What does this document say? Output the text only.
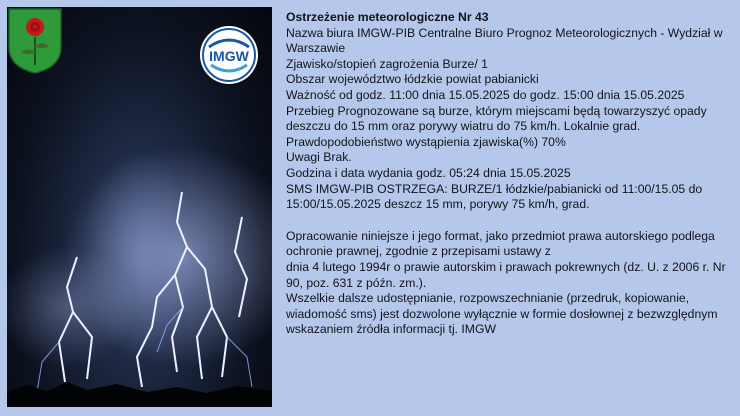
IMGW

Ostrzeżenie meteorologiczne Nr 43

Nazwa biura IMGW-PIB Centralne Biuro Prognoz Meteorologicznych - Wydział w Warszawie

Zjawisko/stopień zagrożenia Burze/ 1

Obszar województwo łódzkie powiat pabianicki

Ważność od godz. 11:00 dnia 15.05.2025 do godz. 15:00 dnia 15.05.2025

Przebieg Prognozowane są burze, którym miejscami będą towarzyszyć opady deszczu do 15 mm oraz porywy wiatru do 75 km/h. Lokalnie grad.

Prawdopodobieństwo wystąpienia zjawiska(%) 70%

Uwagi Brak.

Godzina i data wydania godz. 05:24 dnia 15.05.2025

SMS IMGW-PIB OSTRZEGA: BURZE/1 łódzkie/pabianicki od 11:00/15.05 do 15:00/15.05.2025 deszcz 15 mm, porywy 75 km/h, grad.

Opracowanie niniejsze i jego format, jako przedmiot prawa autorskiego podlega ochronie prawnej, zgodnie z przepisami ustawy z

dnia 4 lutego 1994r o prawie autorskim i prawach pokrewnych (dz. U. z 2006 r. Nr 90, poz. 631 z późn. zm.).

Wszelkie dalsze udostępnianie, rozpowszechnianie (przedruk, kopiowanie, wiadomość sms) jest dozwolone wyłącznie w formie dosłownej z bezwzględnym wskazaniem źródła informacji tj. IMGW
